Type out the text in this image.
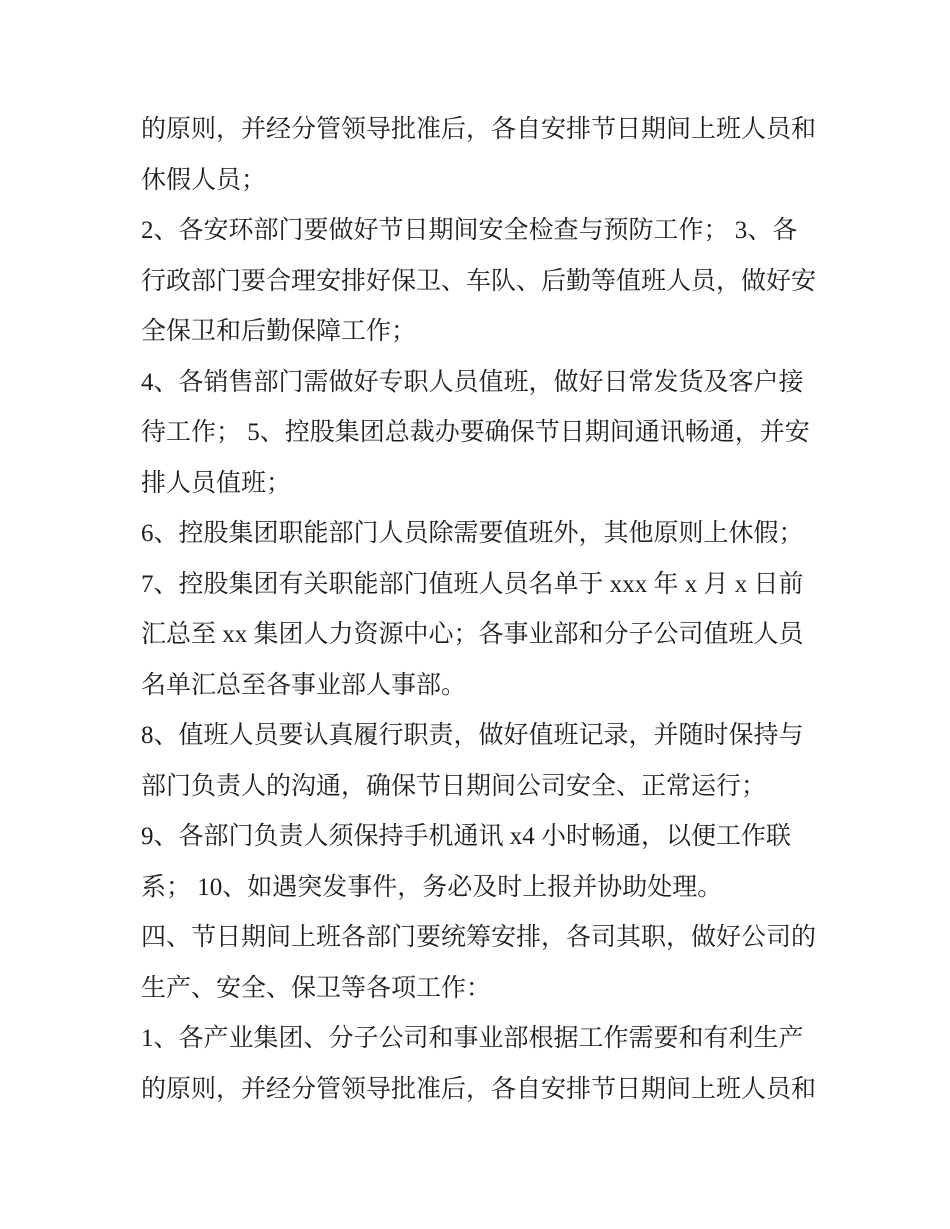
的原则，并经分管领导批准后，各自安排节日期间上班人员和
休假人员；
2、各安环部门要做好节日期间安全检查与预防工作； 3、各
行政部门要合理安排好保卫、车队、后勤等值班人员，做好安
全保卫和后勤保障工作；
4、各销售部门需做好专职人员值班，做好日常发货及客户接
待工作； 5、控股集团总裁办要确保节日期间通讯畅通，并安
排人员值班；
6、控股集团职能部门人员除需要值班外，其他原则上休假；
7、控股集团有关职能部门值班人员名单于 xxx 年 x 月 x 日前
汇总至 xx 集团人力资源中心；各事业部和分子公司值班人员
名单汇总至各事业部人事部。
8、值班人员要认真履行职责，做好值班记录，并随时保持与
部门负责人的沟通，确保节日期间公司安全、正常运行；
9、各部门负责人须保持手机通讯 x4 小时畅通，以便工作联
系； 10、如遇突发事件，务必及时上报并协助处理。
四、节日期间上班各部门要统筹安排，各司其职，做好公司的
生产、安全、保卫等各项工作：
1、各产业集团、分子公司和事业部根据工作需要和有利生产
的原则，并经分管领导批准后，各自安排节日期间上班人员和
